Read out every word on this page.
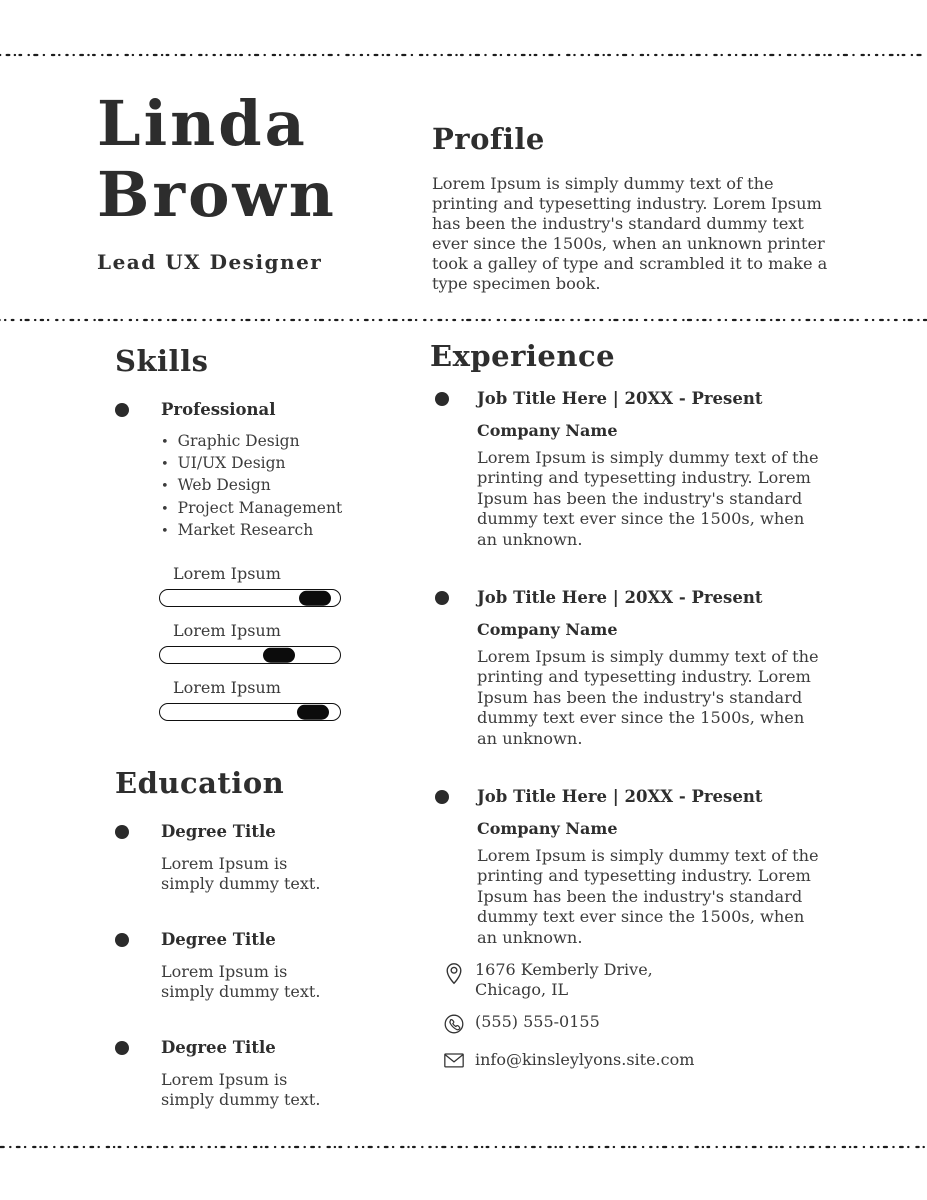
Linda
Brown
Lead UX Designer
Profile

Lorem Ipsum is simply dummy text of the printing and typesetting industry. Lorem Ipsum has been the industry's standard dummy text ever since the 1500s, when an unknown printer took a galley of type and scrambled it to make a type specimen book.

Skills
Professional
• Graphic Design
• UI/UX Design
• Web Design
• Project Management
• Market Research
Lorem Ipsum
Lorem Ipsum
Lorem Ipsum
Education
Degree Title
Lorem Ipsum is simply dummy text.
Degree Title
Lorem Ipsum is simply dummy text.
Degree Title
Lorem Ipsum is simply dummy text.
Experience
Job Title Here | 20XX - Present
Company Name
Lorem Ipsum is simply dummy text of the printing and typesetting industry. Lorem Ipsum has been the industry's standard dummy text ever since the 1500s, when an unknown.
Job Title Here | 20XX - Present
Company Name
Lorem Ipsum is simply dummy text of the printing and typesetting industry. Lorem Ipsum has been the industry's standard dummy text ever since the 1500s, when an unknown.
Job Title Here | 20XX - Present
Company Name
Lorem Ipsum is simply dummy text of the printing and typesetting industry. Lorem Ipsum has been the industry's standard dummy text ever since the 1500s, when an unknown.
1676 Kemberly Drive,
Chicago, IL
(555) 555-0155
info@kinsleylyons.site.com
